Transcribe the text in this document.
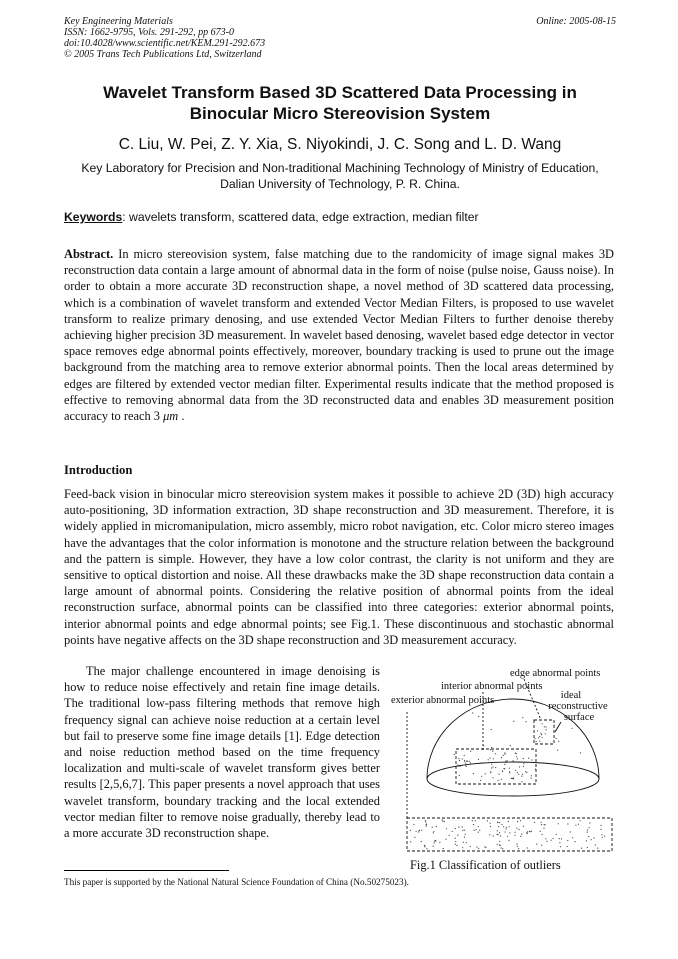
Key Engineering Materials
ISSN: 1662-9795, Vols. 291-292, pp 673-0
doi:10.4028/www.scientific.net/KEM.291-292.673
© 2005 Trans Tech Publications Ltd, Switzerland
Online: 2005-08-15
Wavelet Transform Based 3D Scattered Data Processing in
Binocular Micro Stereovision System
C. Liu, W. Pei, Z. Y. Xia, S. Niyokindi, J. C. Song and L. D. Wang
Key Laboratory for Precision and Non-traditional Machining Technology of Ministry of Education,
Dalian University of Technology, P. R. China.
Keywords: wavelets transform, scattered data, edge extraction, median filter
Abstract. In micro stereovision system, false matching due to the randomicity of image signal makes 3D reconstruction data contain a large amount of abnormal data in the form of noise (pulse noise, Gauss noise). In order to obtain a more accurate 3D reconstruction shape, a novel method of 3D scattered data processing, which is a combination of wavelet transform and extended Vector Median Filters, is proposed to use wavelet transform to realize primary denosing, and use extended Vector Median Filters to further denoise thereby achieving higher precision 3D measurement. In wavelet based denosing, wavelet based edge detector in vector space removes edge abnormal points effectively, moreover, boundary tracking is used to prune out the image background from the matching area to remove exterior abnormal points. Then the local areas determined by edges are filtered by extended vector median filter. Experimental results indicate that the method proposed is effective to removing abnormal data from the 3D reconstructed data and enables 3D measurement position accuracy to reach 3 μm .
Introduction
Feed-back vision in binocular micro stereovision system makes it possible to achieve 2D (3D) high accuracy auto-positioning, 3D information extraction, 3D shape reconstruction and 3D measurement. Therefore, it is widely applied in micromanipulation, micro assembly, micro robot navigation, etc. Color micro stereo images have the advantages that the color information is monotone and the structure relation between the background and the pattern is simple. However, they have a low color contrast, the clarity is not uniform and they are sensitive to optical distortion and noise. All these drawbacks make the 3D shape reconstruction data contain a large amount of abnormal points. Considering the relative position of abnormal points from the ideal reconstruction surface, abnormal points can be classified into three categories: exterior abnormal points, interior abnormal points and edge abnormal points; see Fig.1. These discontinuous and stochastic abnormal points have negative affects on the 3D shape reconstruction and 3D measurement accuracy.
The major challenge encountered in image denoising is how to reduce noise effectively and retain fine image details. The traditional low-pass filtering methods that remove high frequency signal can achieve noise reduction at a certain level but fail to preserve some fine image details [1]. Edge detection and noise reduction method based on the time frequency localization and multi-scale of wavelet transform gives better results [2,5,6,7]. This paper presents a novel approach that uses wavelet transform, boundary tracking and the local extended vector median filter to remove noise gradually, thereby lead to a more accurate 3D reconstruction shape.
edge abnormal points
interior abnormal points
exterior abnormal points	ideal
reconstructive
surface
Fig.1 Classification of outliers
This paper is supported by the National Natural Science Foundation of China (No.50275023).
